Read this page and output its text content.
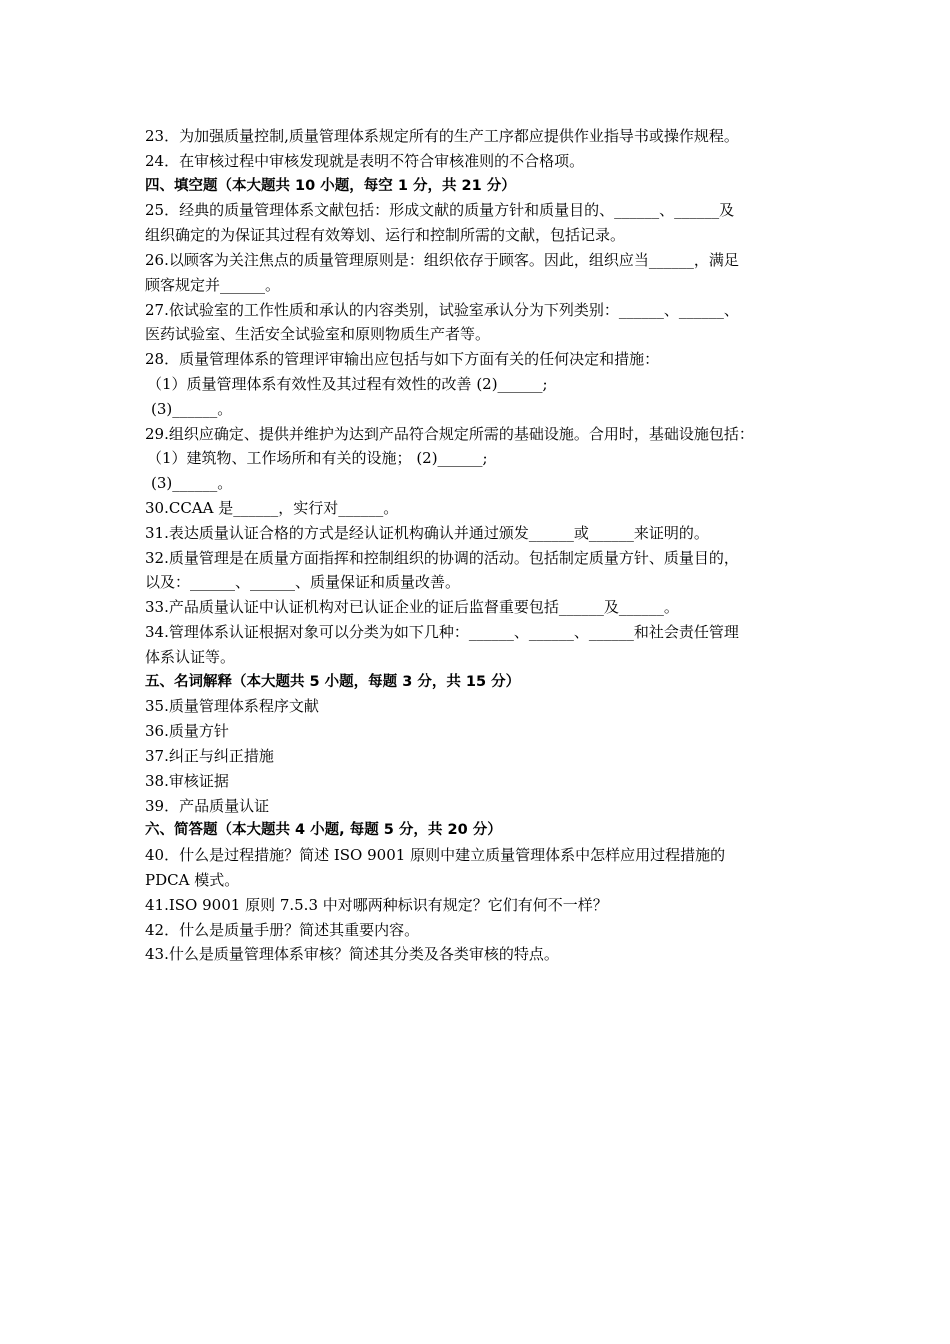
23．为加强质量控制,质量管理体系规定所有的生产工序都应提供作业指导书或操作规程。
24．在审核过程中审核发现就是表明不符合审核准则的不合格项。
四、填空题（本大题共 10 小题，每空 1 分，共 21 分）
25．经典的质量管理体系文献包括：形成文献的质量方针和质量目的、______、______及
组织确定的为保证其过程有效筹划、运行和控制所需的文献，包括记录。
26.以顾客为关注焦点的质量管理原则是：组织依存于顾客。因此，组织应当______，满足
顾客规定并______。
27.依试验室的工作性质和承认的内容类别，试验室承认分为下列类别：______、______、
医药试验室、生活安全试验室和原则物质生产者等。
28．质量管理体系的管理评审输出应包括与如下方面有关的任何决定和措施：
（1）质量管理体系有效性及其过程有效性的改善 (2)______;
(3)______。
29.组织应确定、提供并维护为达到产品符合规定所需的基础设施。合用时，基础设施包括：
（1）建筑物、工作场所和有关的设施； (2)______;
(3)______。
30.CCAA 是______，实行对______。
31.表达质量认证合格的方式是经认证机构确认并通过颁发______或______来证明的。
32.质量管理是在质量方面指挥和控制组织的协调的活动。包括制定质量方针、质量目的，
以及：______、______、质量保证和质量改善。
33.产品质量认证中认证机构对已认证企业的证后监督重要包括______及______。
34.管理体系认证根据对象可以分类为如下几种：______、______、______和社会责任管理
体系认证等。
五、名词解释（本大题共 5 小题，每题 3 分，共 15 分）
35.质量管理体系程序文献
36.质量方针
37.纠正与纠正措施
38.审核证据
39．产品质量认证
六、简答题（本大题共 4 小题, 每题 5 分，共 20 分）
40．什么是过程措施？简述 ISO 9001 原则中建立质量管理体系中怎样应用过程措施的
PDCA 模式。
41.ISO 9001 原则 7.5.3 中对哪两种标识有规定？它们有何不一样？
42．什么是质量手册？简述其重要内容。
43.什么是质量管理体系审核？简述其分类及各类审核的特点。
